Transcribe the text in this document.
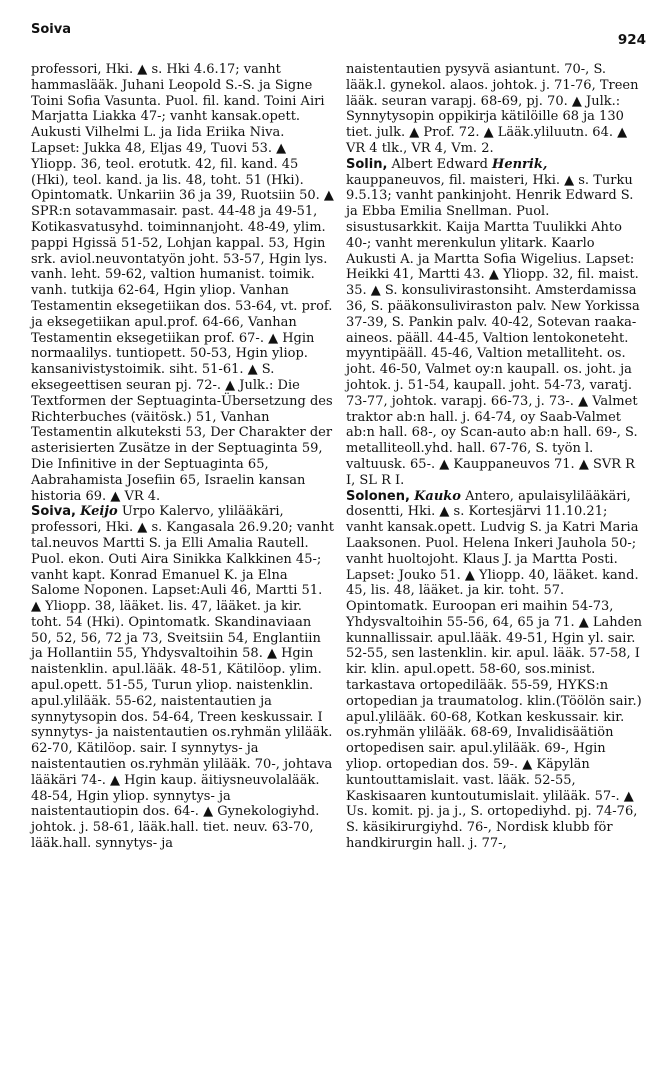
Soiva
924

professori, Hki. ▲ s. Hki 4.6.17; vanht hammaslääk. Juhani Leopold S.-S. ja Signe Toini Sofia Vasunta. Puol. fil. kand. Toini Airi Marjatta Liakka 47-; vanht kansak.opett. Aukusti Vilhelmi L. ja Iida Eriika Niva. Lapset: Jukka 48, Eljas 49, Tuovi 53. ▲ Yliopp. 36, teol. erotutk. 42, fil. kand. 45 (Hki), teol. kand. ja lis. 48, toht. 51 (Hki). Opintomatk. Unkariin 36 ja 39, Ruotsiin 50. ▲ SPR:n sotavammasair. past. 44-48 ja 49-51, Kotikasvatusyhd. toiminnanjoht. 48-49, ylim. pappi Hgissä 51-52, Lohjan kappal. 53, Hgin srk. aviol.neuvontatyön joht. 53-57, Hgin lys. vanh. leht. 59-62, valtion humanist. toimik. vanh. tutkija 62-64, Hgin yliop. Vanhan Testamentin eksegetiikan dos. 53-64, vt. prof. ja eksegetiikan apul.prof. 64-66, Vanhan Testamentin eksegetiikan prof. 67-. ▲ Hgin normaalilys. tuntiopett. 50-53, Hgin yliop. kansanivistystoimik. siht. 51-61. ▲ S. eksegeettisen seuran pj. 72-. ▲ Julk.: Die Textformen der Septuaginta-Übersetzung des Richterbuches (väitösk.) 51, Vanhan Testamentin alkuteksti 53, Der Charakter der asterisierten Zusätze in der Septuaginta 59, Die Infinitive in der Septuaginta 65, Aabrahamista Josefiin 65, Israelin kansan historia 69. ▲ VR 4.

Soiva, Keijo Urpo Kalervo, ylilääkäri, professori, Hki. ▲ s. Kangasala 26.9.20; vanht tal.neuvos Martti S. ja Elli Amalia Rautell. Puol. ekon. Outi Aira Sinikka Kalkkinen 45-; vanht kapt. Konrad Emanuel K. ja Elna Salome Noponen. Lapset:Auli 46, Martti 51. ▲ Yliopp. 38, lääket. lis. 47, lääket. ja kir. toht. 54 (Hki). Opintomatk. Skandinaviaan 50, 52, 56, 72 ja 73, Sveitsiin 54, Englantiin ja Hollantiin 55, Yhdysvaltoihin 58. ▲ Hgin naistenklin. apul.lääk. 48-51, Kätilöop. ylim. apul.opett. 51-55, Turun yliop. naistenklin. apul.ylilääk. 55-62, naistentautien ja synnytysopin dos. 54-64, Treen keskussair. I synnytys- ja naistentautien os.ryhmän ylilääk. 62-70, Kätilöop. sair. I synnytys- ja naistentautien os.ryhmän ylilääk. 70-, johtava lääkäri 74-. ▲ Hgin kaup. äitiysneuvolalääk. 48-54, Hgin yliop. synnytys- ja naistentautiopin dos. 64-. ▲ Gynekologiyhd. johtok. j. 58-61, lääk.hall. tiet. neuv. 63-70, lääk.hall. synnytys- ja

naistentautien pysyvä asiantunt. 70-, S. lääk.l. gynekol. alaos. johtok. j. 71-76, Treen lääk. seuran varapj. 68-69, pj. 70. ▲ Julk.: Synnytysopin oppikirja kätilöille 68 ja 130 tiet. julk. ▲ Prof. 72. ▲ Lääk.yliluutn. 64. ▲ VR 4 tlk., VR 4, Vm. 2.

Solin, Albert Edward Henrik, kauppaneuvos, fil. maisteri, Hki. ▲ s. Turku 9.5.13; vanht pankinjoht. Henrik Edward S. ja Ebba Emilia Snellman. Puol. sisustusarkkit. Kaija Martta Tuulikki Ahto 40-; vanht merenkulun ylitark. Kaarlo Aukusti A. ja Martta Sofia Wigelius. Lapset: Heikki 41, Martti 43. ▲ Yliopp. 32, fil. maist. 35. ▲ S. konsulivirastonsiht. Amsterdamissa 36, S. pääkonsuliviraston palv. New Yorkissa 37-39, S. Pankin palv. 40-42, Sotevan raaka-aineos. pääll. 44-45, Valtion lentokoneteht. myyntipääll. 45-46, Valtion metalliteht. os. joht. 46-50, Valmet oy:n kaupall. os. joht. ja johtok. j. 51-54, kaupall. joht. 54-73, varatj. 73-77, johtok. varapj. 66-73, j. 73-. ▲ Valmet traktor ab:n hall. j. 64-74, oy Saab-Valmet ab:n hall. 68-, oy Scan-auto ab:n hall. 69-, S. metalliteoll.yhd. hall. 67-76, S. työn l. valtuusk. 65-. ▲ Kauppaneuvos 71. ▲ SVR R I, SL R I.

Solonen, Kauko Antero, apulaisylilääkäri, dosentti, Hki. ▲ s. Kortesjärvi 11.10.21; vanht kansak.opett. Ludvig S. ja Katri Maria Laaksonen. Puol. Helena Inkeri Jauhola 50-; vanht huoltojoht. Klaus J. ja Martta Posti. Lapset: Jouko 51. ▲ Yliopp. 40, lääket. kand. 45, lis. 48, lääket. ja kir. toht. 57. Opintomatk. Euroopan eri maihin 54-73, Yhdysvaltoihin 55-56, 64, 65 ja 71. ▲ Lahden kunnallissair. apul.lääk. 49-51, Hgin yl. sair. 52-55, sen lastenklin. kir. apul. lääk. 57-58, I kir. klin. apul.opett. 58-60, sos.minist. tarkastava ortopedilääk. 55-59, HYKS:n ortopedian ja traumatolog. klin.(Töölön sair.) apul.ylilääk. 60-68, Kotkan keskussair. kir. os.ryhmän ylilääk. 68-69, Invalidisäätiön ortopedisen sair. apul.ylilääk. 69-, Hgin yliop. ortopedian dos. 59-. ▲ Käpylän kuntouttamislait. vast. lääk. 52-55, Kaskisaaren kuntoutumislait. ylilääk. 57-. ▲ Us. komit. pj. ja j., S. ortopediyhd. pj. 74-76, S. käsikirurgiyhd. 76-, Nordisk klubb för handkirurgin hall. j. 77-,
